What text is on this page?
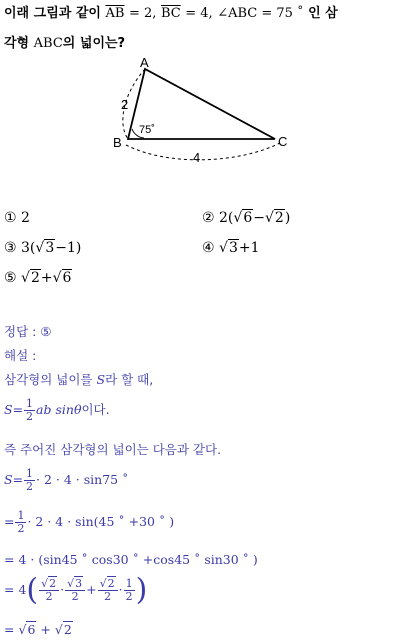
이래 그림과 같이 $\overline{AB} = 2$, $\overline{BC} = 4$, ∠ABC = 75 ˚ 인 삼
각형 ABC의 넓이는?
A
B	C
2
4
75˚
① 2	② 2(√6−√2)
③ 3(√3−1)	④ √3+1
⑤ √2+√6
정답 : ⑤
해설 :
삼각형의 넓이를 S라 할 때,
$S= \frac{1}{2}$ ab sinθ이다.
즉 주어진 삼각형의 넓이는 다음과 같다.
$S= \frac{1}{2} \cdot 2 \cdot 4 \cdot \sin 75$ ˚
= $\frac{1}{2} \cdot 2 \cdot 4 \cdot \sin(45$ ˚ +30 ˚ )
= 4 · (sin45 ˚ cos30 ˚ +cos45 ˚ sin30 ˚ )
= $4( \frac{√2}{2} \cdot \frac{√3}{2} + \frac{√2}{2} \cdot \frac{1}{2}$ )
= √6 + √2
